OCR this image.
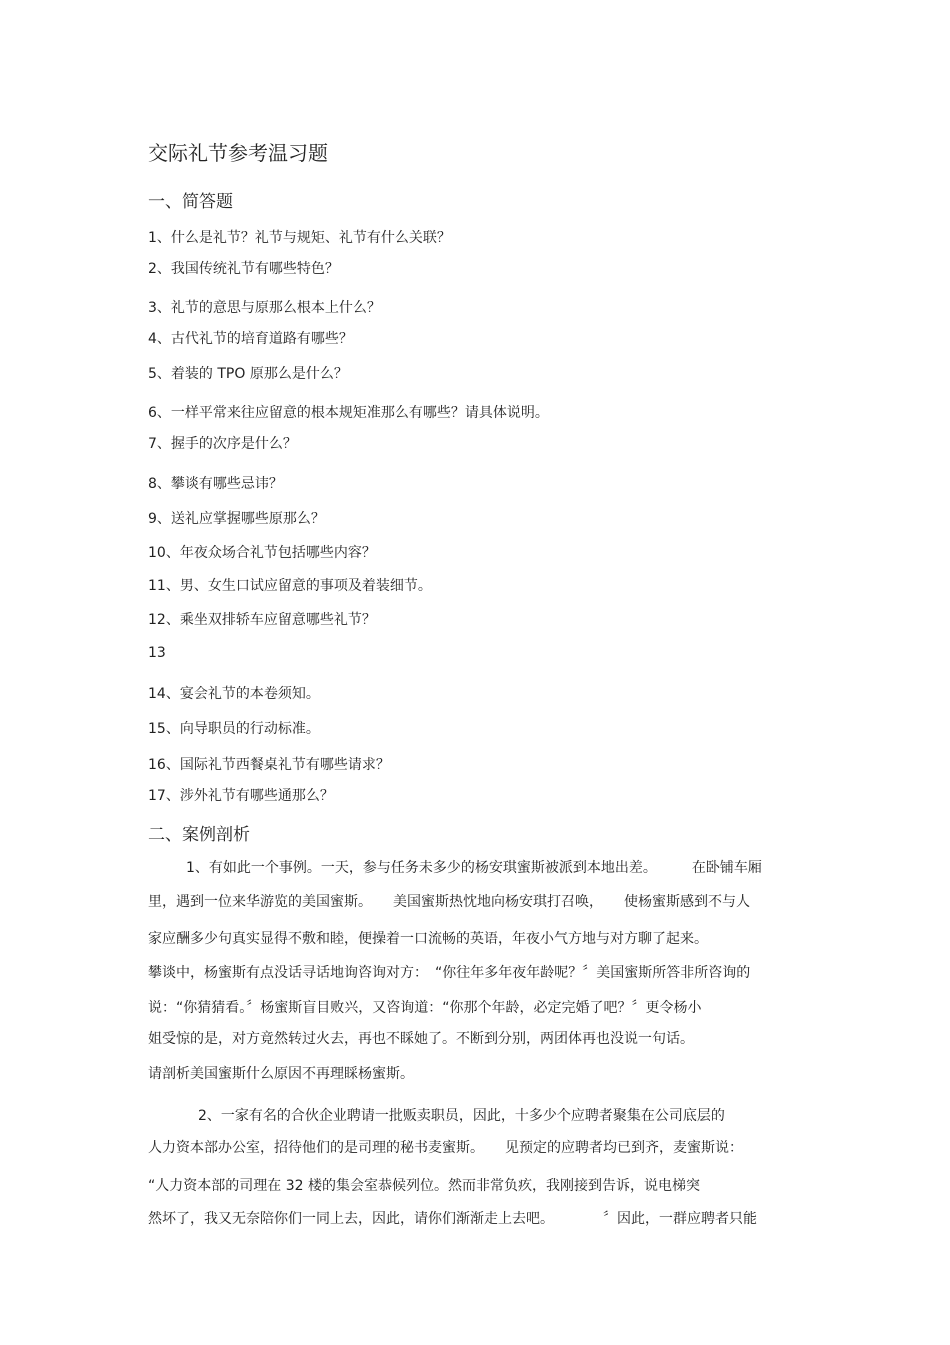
交际礼节参考温习题
一、简答题
1、什么是礼节？礼节与规矩、礼节有什么关联？
2、我国传统礼节有哪些特色？
3、礼节的意思与原那么根本上什么？
4、古代礼节的培育道路有哪些？
5、着装的 TPO 原那么是什么？
6、一样平常来往应留意的根本规矩准那么有哪些？请具体说明。
7、握手的次序是什么？
8、攀谈有哪些忌讳？
9、送礼应掌握哪些原那么？
10、年夜众场合礼节包括哪些内容？
11、男、女生口试应留意的事项及着装细节。
12、乘坐双排轿车应留意哪些礼节？
13
14、宴会礼节的本卷须知。
15、向导职员的行动标准。
16、国际礼节西餐桌礼节有哪些请求？
17、涉外礼节有哪些通那么？
二、案例剖析
1、有如此一个事例。一天，参与任务未多少的杨安琪蜜斯被派到本地出差。　　　在卧铺车厢
里，遇到一位来华游览的美国蜜斯。　　美国蜜斯热忱地向杨安琪打召唤，　　使杨蜜斯感到不与人
家应酬多少句真实显得不敷和睦，便操着一口流畅的英语，年夜小气方地与对方聊了起来。
攀谈中，杨蜜斯有点没话寻话地询咨询对方：　“你往年多年夜年龄呢？〞美国蜜斯所答非所咨询的
说：“你猜猜看。〞杨蜜斯盲目败兴，又咨询道：“你那个年龄，必定完婚了吧？〞更令杨小
姐受惊的是，对方竟然转过火去，再也不睬她了。不断到分别，两团体再也没说一句话。
请剖析美国蜜斯什么原因不再理睬杨蜜斯。
2、一家有名的合伙企业聘请一批贩卖职员，因此，十多少个应聘者聚集在公司底层的
人力资本部办公室，招待他们的是司理的秘书麦蜜斯。　　见预定的应聘者均已到齐，麦蜜斯说：
“人力资本部的司理在 32 楼的集会室恭候列位。然而非常负疚，我刚接到告诉，说电梯突
然坏了，我又无奈陪你们一同上去，因此，请你们渐渐走上去吧。　　　　〞因此，一群应聘者只能
